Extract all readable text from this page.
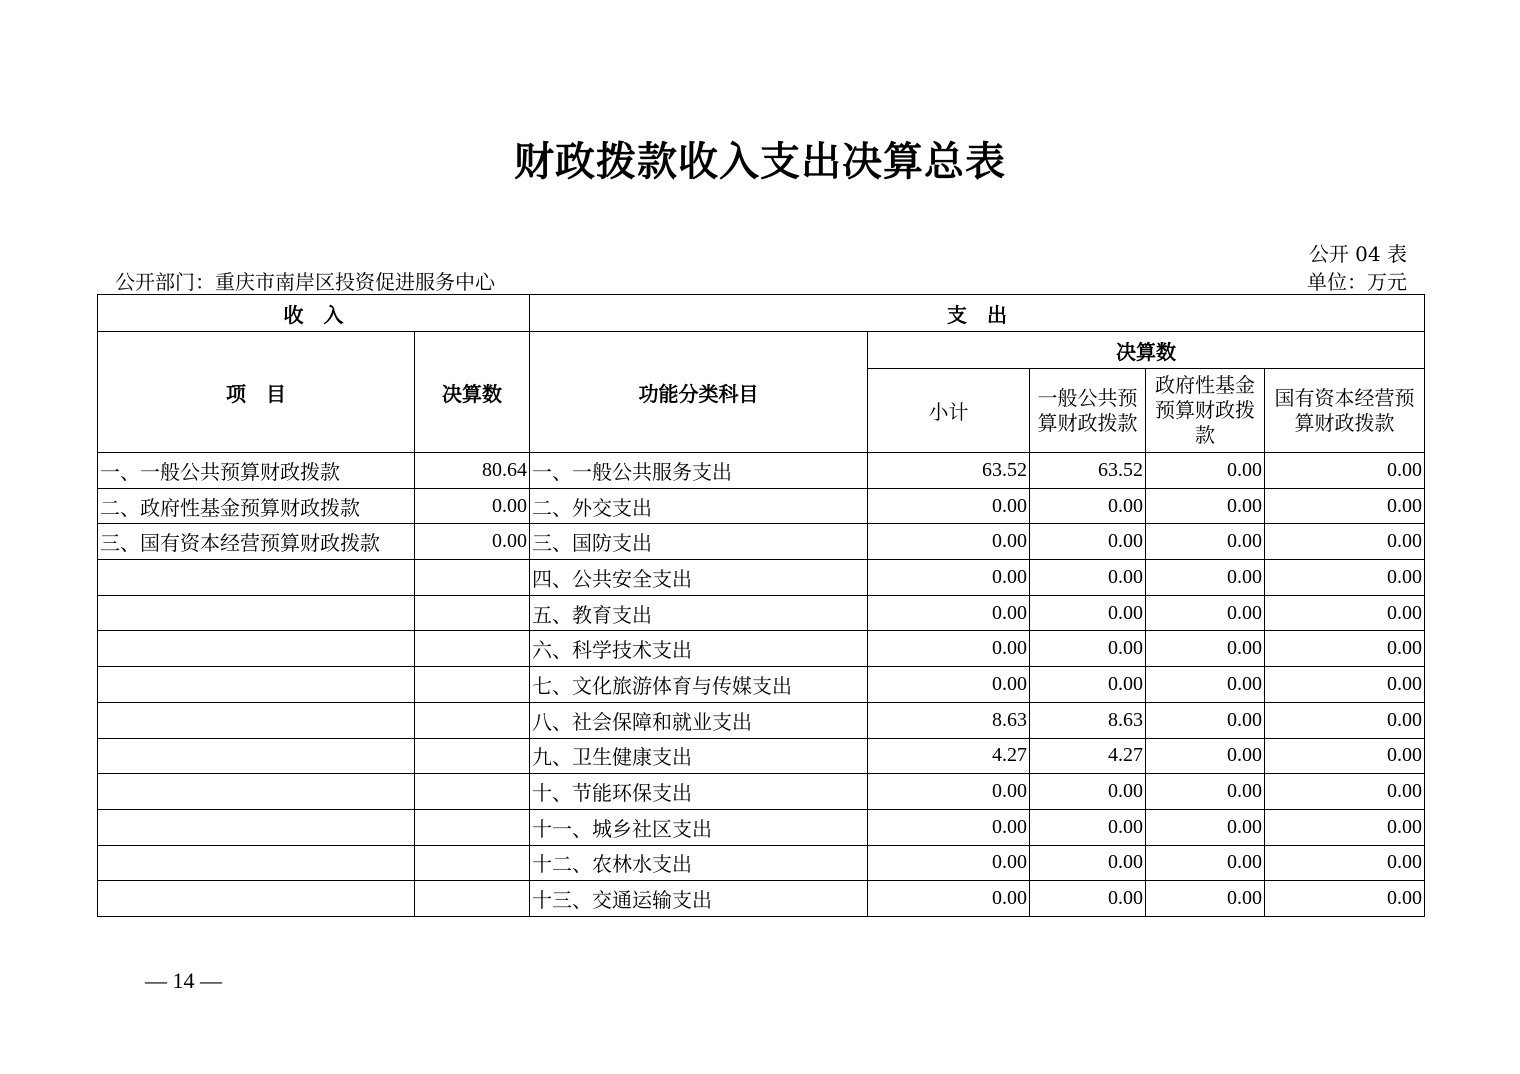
财政拨款收入支出决算总表
公开 04 表
公开部门：重庆市南岸区投资促进服务中心	单位：万元
收　入		支　出				
项　目	决算数	功能分类科目	决算数			
			小计	一般公共预算财政拨款	政府性基金预算财政拨款	国有资本经营预算财政拨款
一、一般公共预算财政拨款	80.64	一、一般公共服务支出	63.52	63.52	0.00	0.00
二、政府性基金预算财政拨款	0.00	二、外交支出	0.00	0.00	0.00	0.00
三、国有资本经营预算财政拨款	0.00	三、国防支出	0.00	0.00	0.00	0.00
		四、公共安全支出	0.00	0.00	0.00	0.00
		五、教育支出	0.00	0.00	0.00	0.00
		六、科学技术支出	0.00	0.00	0.00	0.00
		七、文化旅游体育与传媒支出	0.00	0.00	0.00	0.00
		八、社会保障和就业支出	8.63	8.63	0.00	0.00
		九、卫生健康支出	4.27	4.27	0.00	0.00
		十、节能环保支出	0.00	0.00	0.00	0.00
		十一、城乡社区支出	0.00	0.00	0.00	0.00
		十二、农林水支出	0.00	0.00	0.00	0.00
		十三、交通运输支出	0.00	0.00	0.00	0.00
— 14 —
